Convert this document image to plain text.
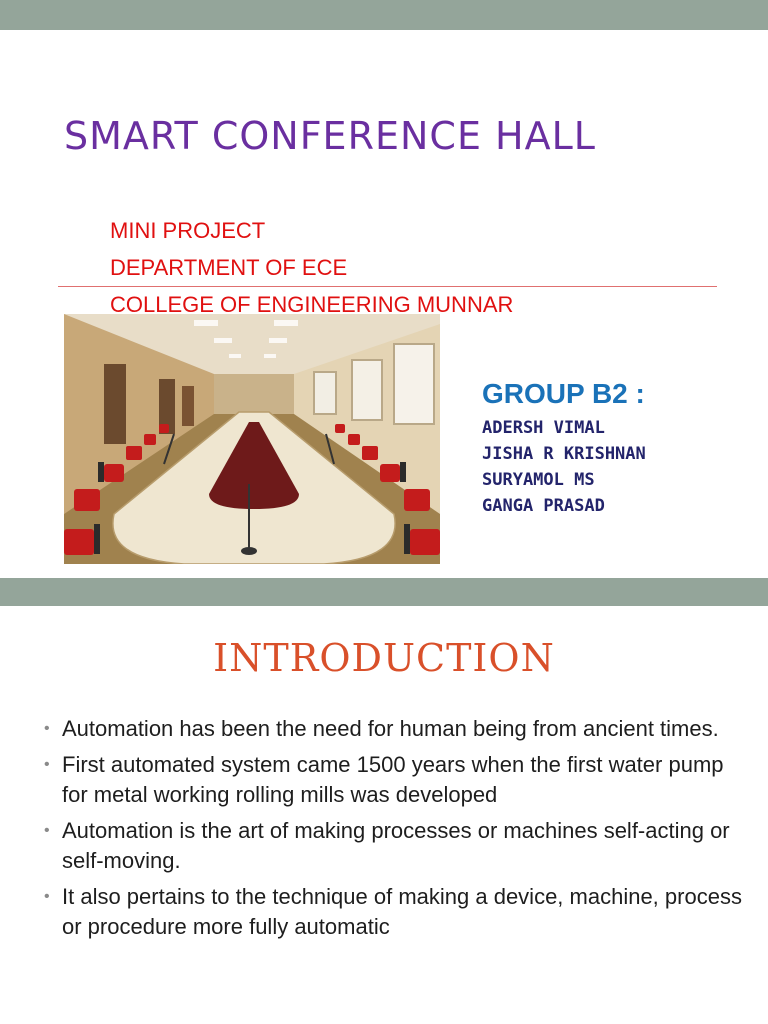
SMART CONFERENCE HALL

MINI PROJECT

DEPARTMENT OF ECE

COLLEGE OF ENGINEERING MUNNAR

GROUP B2 :

ADERSH VIMAL

JISHA R KRISHNAN

SURYAMOL MS

GANGA PRASAD

INTRODUCTION
• Automation has been the need for human being from ancient times.
• First automated system came 1500 years when the first water pump for metal working rolling mills was developed
• Automation is the art of making processes or machines self-acting or self-moving.
• It also pertains to the technique of making a device, machine, process or procedure more fully automatic
